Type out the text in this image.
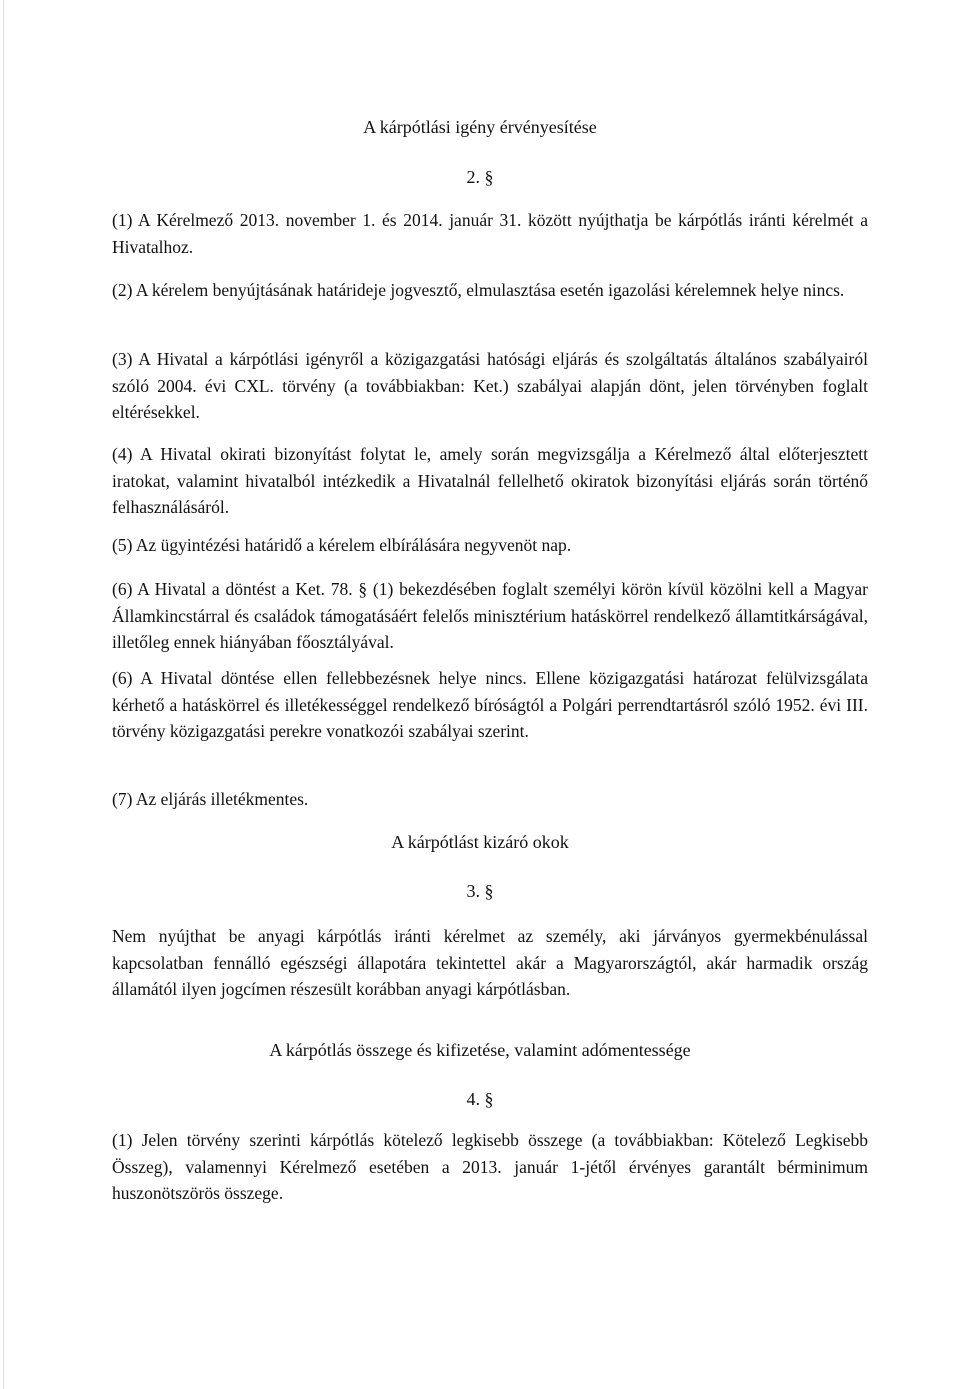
A kárpótlási igény érvényesítése
2. §

(1) A Kérelmező 2013. november 1. és 2014. január 31. között nyújthatja be kárpótlás iránti kérelmét a Hivatalhoz.

(2) A kérelem benyújtásának határideje jogvesztő, elmulasztása esetén igazolási kérelemnek helye nincs.

(3) A Hivatal a kárpótlási igényről a közigazgatási hatósági eljárás és szolgáltatás általános szabályairól szóló 2004. évi CXL. törvény (a továbbiakban: Ket.) szabályai alapján dönt, jelen törvényben foglalt eltérésekkel.

(4) A Hivatal okirati bizonyítást folytat le, amely során megvizsgálja a Kérelmező által előterjesztett iratokat, valamint hivatalból intézkedik a Hivatalnál fellelhető okiratok bizonyítási eljárás során történő felhasználásáról.

(5) Az ügyintézési határidő a kérelem elbírálására negyvenöt nap.

(6) A Hivatal a döntést a Ket. 78. § (1) bekezdésében foglalt személyi körön kívül közölni kell a Magyar Államkincstárral és családok támogatásáért felelős minisztérium hatáskörrel rendelkező államtitkárságával, illetőleg ennek hiányában főosztályával.

(6) A Hivatal döntése ellen fellebbezésnek helye nincs. Ellene közigazgatási határozat felülvizsgálata kérhető a hatáskörrel és illetékességgel rendelkező bíróságtól a Polgári perrendtartásról szóló 1952. évi III. törvény közigazgatási perekre vonatkozói szabályai szerint.

(7) Az eljárás illetékmentes.

A kárpótlást kizáró okok
3. §

Nem nyújthat be anyagi kárpótlás iránti kérelmet az személy, aki járványos gyermekbénulással kapcsolatban fennálló egészségi állapotára tekintettel akár a Magyarországtól, akár harmadik ország államától ilyen jogcímen részesült korábban anyagi kárpótlásban.

A kárpótlás összege és kifizetése, valamint adómentessége
4. §

(1) Jelen törvény szerinti kárpótlás kötelező legkisebb összege (a továbbiakban: Kötelező Legkisebb Összeg), valamennyi Kérelmező esetében a 2013. január 1-jétől érvényes garantált bérminimum huszonötszörös összege.
